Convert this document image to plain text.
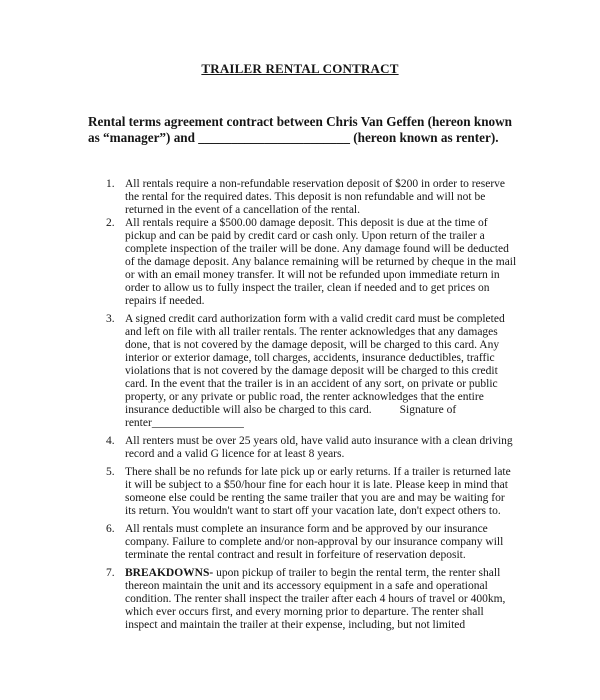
TRAILER RENTAL CONTRACT

Rental terms agreement contract between Chris Van Geffen (hereon known as “manager”) and _______________________ (hereon known as renter).

1. All rentals require a non-refundable reservation deposit of $200 in order to reserve the rental for the required dates. This deposit is non refundable and will not be returned in the event of a cancellation of the rental.
2. All rentals require a $500.00 damage deposit. This deposit is due at the time of pickup and can be paid by credit card or cash only. Upon return of the trailer a complete inspection of the trailer will be done. Any damage found will be deducted of the damage deposit. Any balance remaining will be returned by cheque in the mail or with an email money transfer. It will not be refunded upon immediate return in order to allow us to fully inspect the trailer, clean if needed and to get prices on repairs if needed.
3. A signed credit card authorization form with a valid credit card must be completed and left on file with all trailer rentals. The renter acknowledges that any damages done, that is not covered by the damage deposit, will be charged to this card. Any interior or exterior damage, toll charges, accidents, insurance deductibles, traffic violations that is not covered by the damage deposit will be charged to this credit card. In the event that the trailer is in an accident of any sort, on private or public property, or any private or public road, the renter acknowledges that the entire insurance deductible will also be charged to this card. Signature of renter________________
4. All renters must be over 25 years old, have valid auto insurance with a clean driving record and a valid G licence for at least 8 years.
5. There shall be no refunds for late pick up or early returns. If a trailer is returned late it will be subject to a $50/hour fine for each hour it is late. Please keep in mind that someone else could be renting the same trailer that you are and may be waiting for its return. You wouldn't want to start off your vacation late, don't expect others to.
6. All rentals must complete an insurance form and be approved by our insurance company. Failure to complete and/or non-approval by our insurance company will terminate the rental contract and result in forfeiture of reservation deposit.
7. BREAKDOWNS- upon pickup of trailer to begin the rental term, the renter shall thereon maintain the unit and its accessory equipment in a safe and operational condition. The renter shall inspect the trailer after each 4 hours of travel or 400km, which ever occurs first, and every morning prior to departure. The renter shall inspect and maintain the trailer at their expense, including, but not limited
